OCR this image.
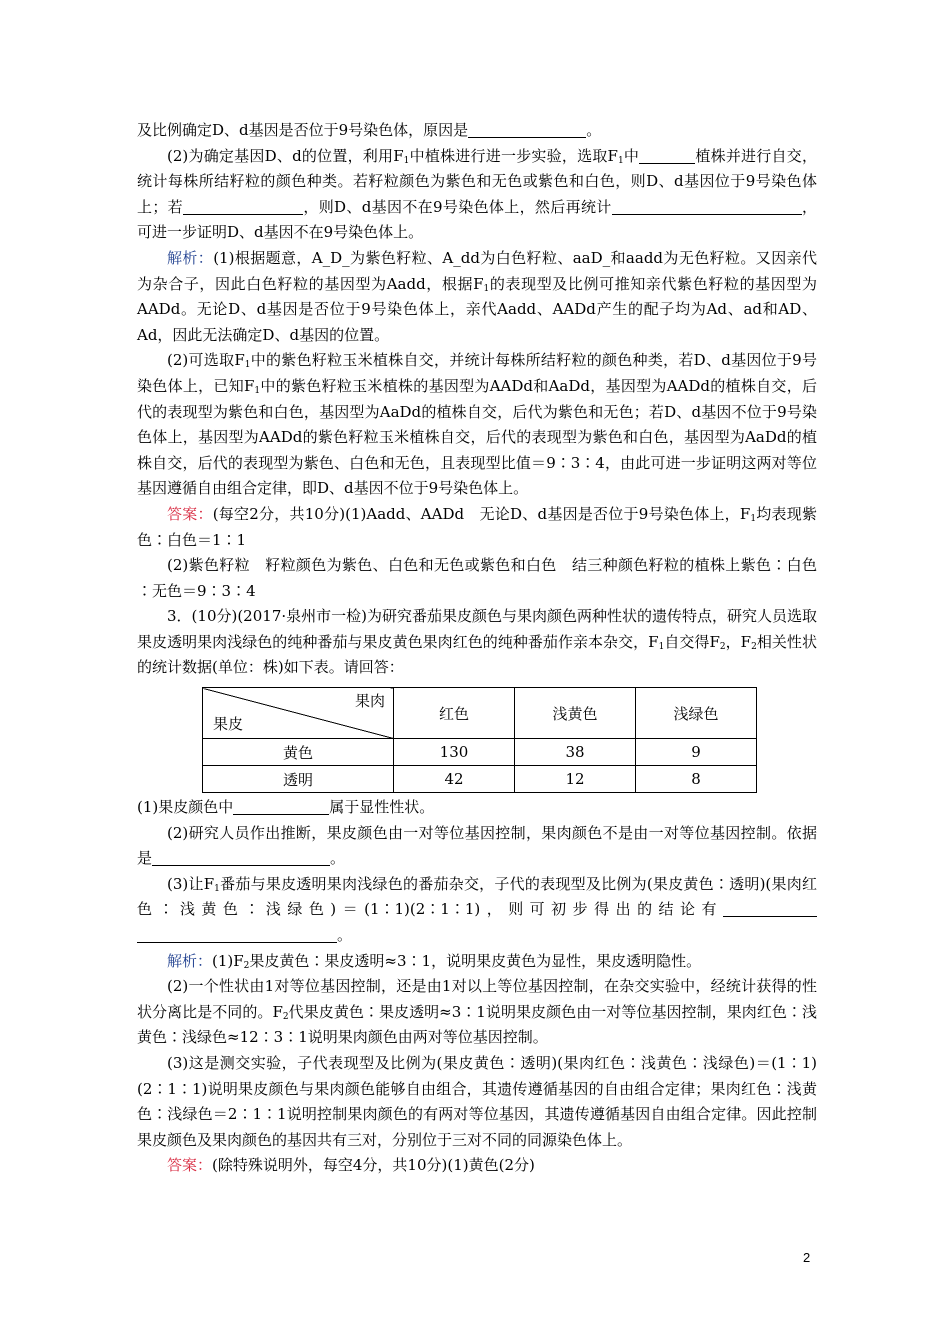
及比例确定D、d基因是否位于9号染色体，原因是	。

(2)为确定基因D、d的位置，利用$F_1$中植株进行进一步实验，选取$F_1$中	植株并进行自交，统计每株所结籽粒的颜色种类。若籽粒颜色为紫色和无色或紫色和白色，则D、d基因位于9号染色体上；若	，则D、d基因不在9号染色体上，然后再统计	，可进一步证明D、d基因不在9号染色体上。

解析：(1)根据题意，A_D_为紫色籽粒、A_dd为白色籽粒、aaD_和aadd为无色籽粒。又因亲代为杂合子，因此白色籽粒的基因型为Aadd，根据$F_1$的表现型及比例可推知亲代紫色籽粒的基因型为AADd。无论D、d基因是否位于9号染色体上，亲代Aadd、AADd产生的配子均为Ad、ad和AD、Ad，因此无法确定D、d基因的位置。

(2)可选取$F_1$中的紫色籽粒玉米植株自交，并统计每株所结籽粒的颜色种类，若D、d基因位于9号染色体上，已知$F_1$中的紫色籽粒玉米植株的基因型为AADd和AaDd，基因型为AADd的植株自交，后代的表现型为紫色和白色，基因型为AaDd的植株自交，后代为紫色和无色；若D、d基因不位于9号染色体上，基因型为AADd的紫色籽粒玉米植株自交，后代的表现型为紫色和白色，基因型为AaDd的植株自交，后代的表现型为紫色、白色和无色，且表现型比值＝9∶3∶4，由此可进一步证明这两对等位基因遵循自由组合定律，即D、d基因不位于9号染色体上。

答案：(每空2分，共10分)(1)Aadd、AADd　无论D、d基因是否位于9号染色体上，$F_1$均表现紫色∶白色＝1∶1

(2)紫色籽粒　籽粒颜色为紫色、白色和无色或紫色和白色　结三种颜色籽粒的植株上紫色∶白色∶无色＝9∶3∶4

3．(10分)(2017·泉州市一检)为研究番茄果皮颜色与果肉颜色两种性状的遗传特点，研究人员选取果皮透明果肉浅绿色的纯种番茄与果皮黄色果肉红色的纯种番茄作亲本杂交，$F_1$自交得$F_2$，$F_2$相关性状的统计数据(单位：株)如下表。请回答：

果肉
果皮	红色	浅黄色	浅绿色
黄色	130	38	9
透明	42	12	8

(1)果皮颜色中	属于显性性状。

(2)研究人员作出推断，果皮颜色由一对等位基因控制，果肉颜色不是由一对等位基因控制。依据是	。

(3)让$F_1$番茄与果皮透明果肉浅绿色的番茄杂交，子代的表现型及比例为(果皮黄色∶透明)(果肉红色∶浅黄色∶浅绿色)＝(1∶1)(2∶1∶1)，则可初步得出的结论有。

解析：$(1)F_2$果皮黄色∶果皮透明≈3∶1，说明果皮黄色为显性，果皮透明隐性。

(2)一个性状由1对等位基因控制，还是由1对以上等位基因控制，在杂交实验中，经统计获得的性状分离比是不同的。$F_2$代果皮黄色∶果皮透明≈3∶1说明果皮颜色由一对等位基因控制，果肉红色∶浅黄色∶浅绿色≈12∶3∶1说明果肉颜色由两对等位基因控制。

(3)这是测交实验，子代表现型及比例为(果皮黄色∶透明)(果肉红色∶浅黄色∶浅绿色)＝(1∶1)(2∶1∶1)说明果皮颜色与果肉颜色能够自由组合，其遗传遵循基因的自由组合定律；果肉红色∶浅黄色∶浅绿色＝2∶1∶1说明控制果肉颜色的有两对等位基因，其遗传遵循基因自由组合定律。因此控制果皮颜色及果肉颜色的基因共有三对，分别位于三对不同的同源染色体上。

答案：(除特殊说明外，每空4分，共10分)(1)黄色(2分)

2
